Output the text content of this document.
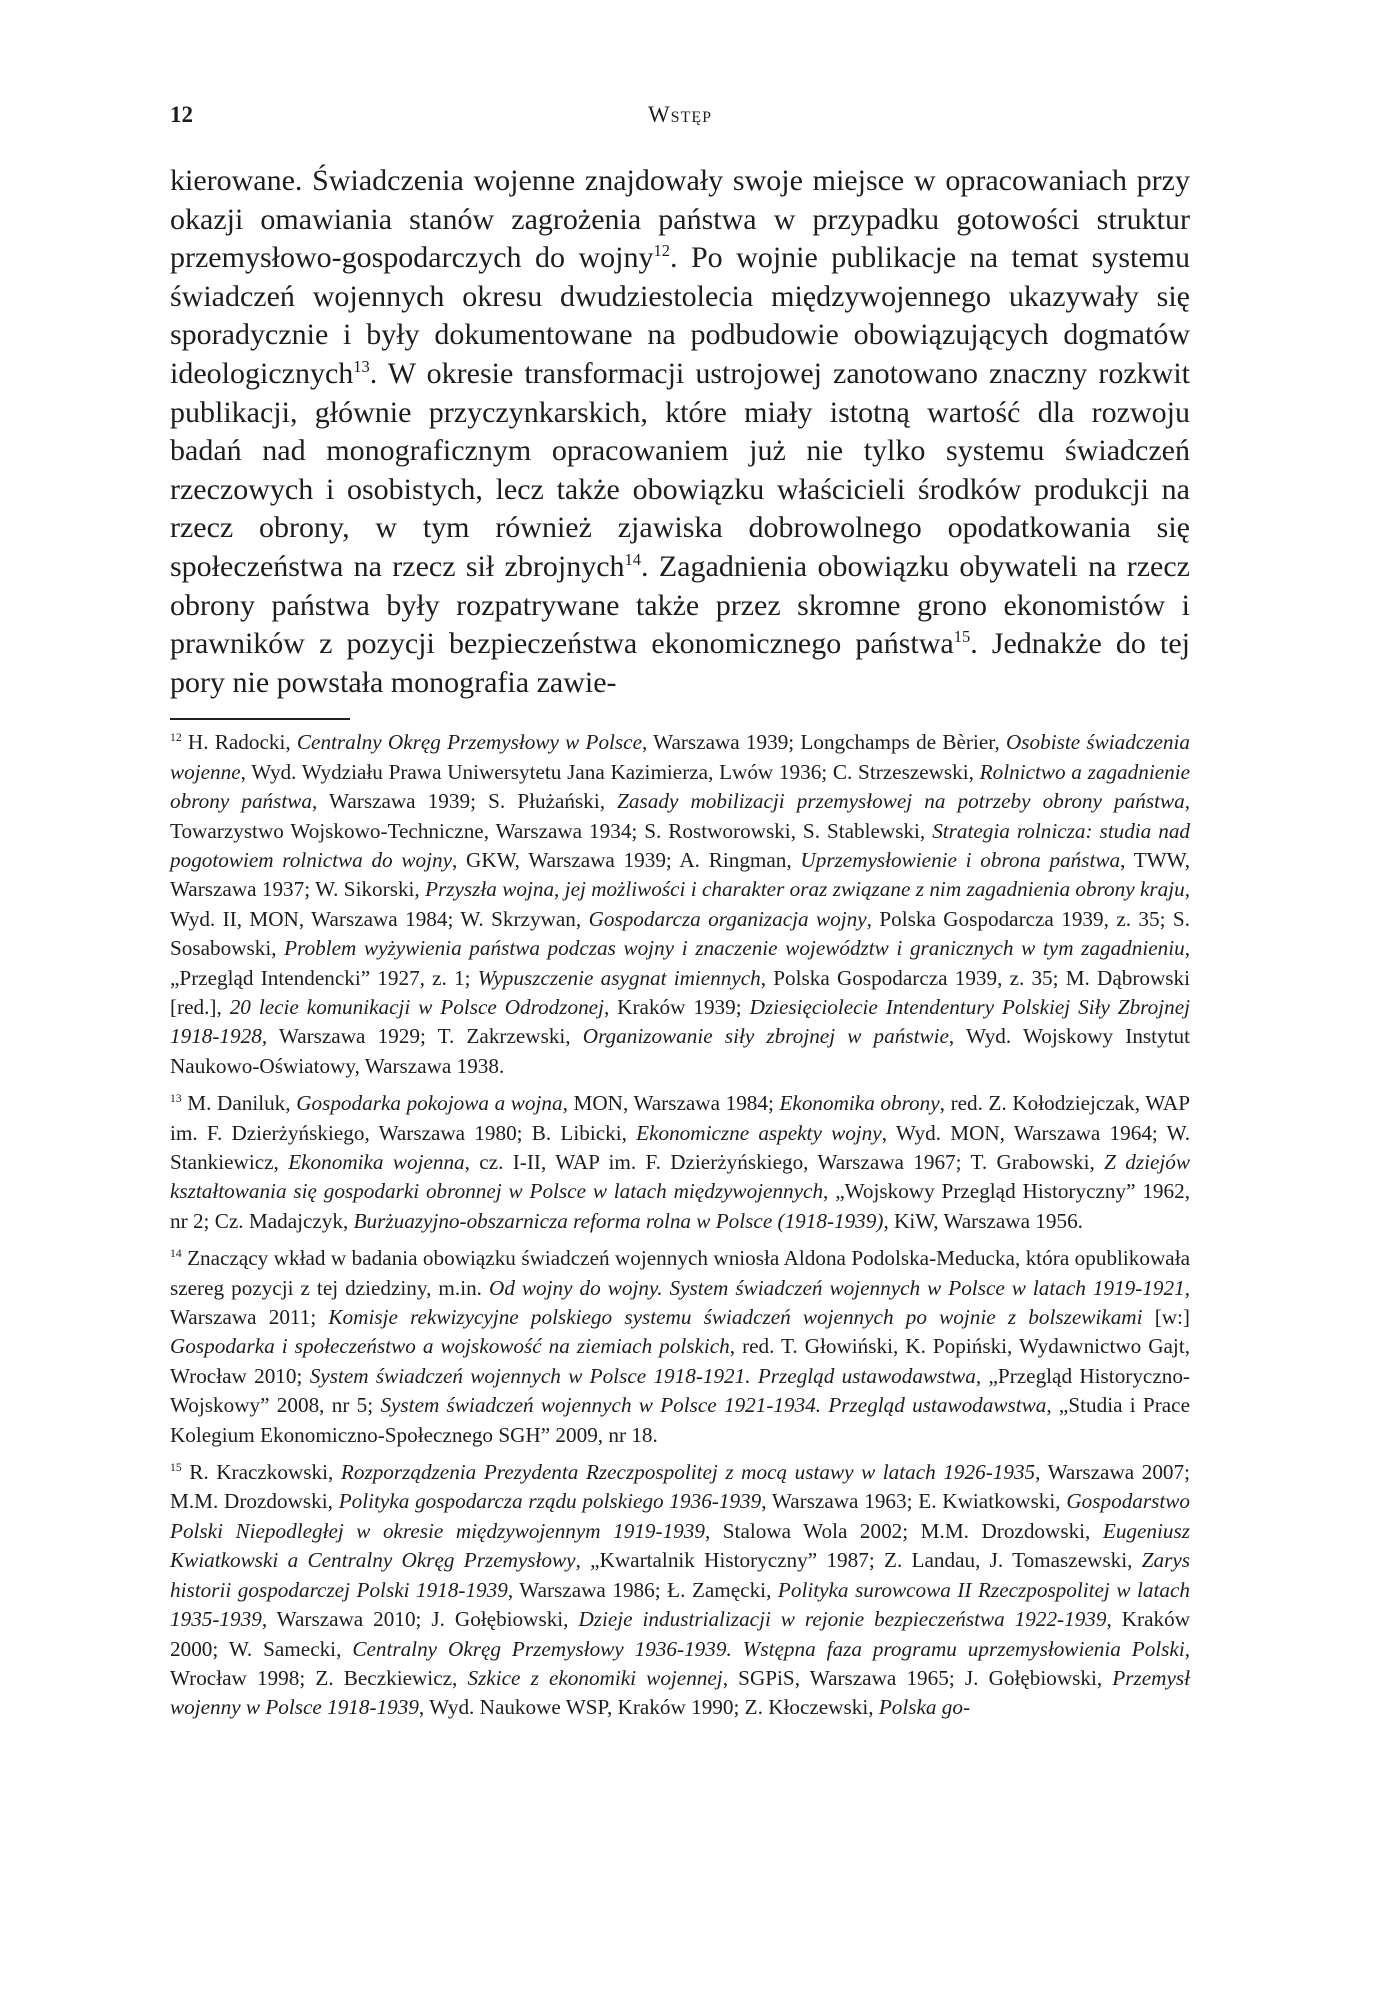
12	Wstęp
kierowane. Świadczenia wojenne znajdowały swoje miejsce w opracowaniach przy okazji omawiania stanów zagrożenia państwa w przypadku gotowości struktur przemysłowo-gospodarczych do wojny$^{12}$. Po wojnie publikacje na temat systemu świadczeń wojennych okresu dwudziestolecia międzywojennego ukazywały się sporadycznie i były dokumentowane na podbudowie obowiązujących dogmatów ideologicznych$^{13}$. W okresie transformacji ustrojowej zanotowano znaczny rozkwit publikacji, głównie przyczynkarskich, które miały istotną wartość dla rozwoju badań nad monograficznym opracowaniem już nie tylko systemu świadczeń rzeczowych i osobistych, lecz także obowiązku właścicieli środków produkcji na rzecz obrony, w tym również zjawiska dobrowolnego opodatkowania się społeczeństwa na rzecz sił zbrojnych$^{14}$. Zagadnienia obowiązku obywateli na rzecz obrony państwa były rozpatrywane także przez skromne grono ekonomistów i prawników z pozycji bezpieczeństwa ekonomicznego państwa$^{15}$. Jednakże do tej pory nie powstała monografia zawie-

$^{12}$ H. Radocki, Centralny Okręg Przemysłowy w Polsce, Warszawa 1939; Longchamps de Bèrier, Osobiste świadczenia wojenne, Wyd. Wydziału Prawa Uniwersytetu Jana Kazimierza, Lwów 1936; C. Strzeszewski, Rolnictwo a zagadnienie obrony państwa, Warszawa 1939; S. Płużański, Zasady mobilizacji przemysłowej na potrzeby obrony państwa, Towarzystwo Wojskowo-Techniczne, Warszawa 1934; S. Rostworowski, S. Stablewski, Strategia rolnicza: studia nad pogotowiem rolnictwa do wojny, GKW, Warszawa 1939; A. Ringman, Uprzemysłowienie i obrona państwa, TWW, Warszawa 1937; W. Sikorski, Przyszła wojna, jej możliwości i charakter oraz związane z nim zagadnienia obrony kraju, Wyd. II, MON, Warszawa 1984; W. Skrzywan, Gospodarcza organizacja wojny, Polska Gospodarcza 1939, z. 35; S. Sosabowski, Problem wyżywienia państwa podczas wojny i znaczenie województw i granicznych w tym zagadnieniu, „Przegląd Intendencki” 1927, z. 1; Wypuszczenie asygnat imiennych, Polska Gospodarcza 1939, z. 35; M. Dąbrowski [red.], 20 lecie komunikacji w Polsce Odrodzonej, Kraków 1939; Dziesięciolecie Intendentury Polskiej Siły Zbrojnej 1918-1928, Warszawa 1929; T. Zakrzewski, Organizowanie siły zbrojnej w państwie, Wyd. Wojskowy Instytut Naukowo-Oświatowy, Warszawa 1938.

$^{13}$ M. Daniluk, Gospodarka pokojowa a wojna, MON, Warszawa 1984; Ekonomika obrony, red. Z. Kołodziejczak, WAP im. F. Dzierżyńskiego, Warszawa 1980; B. Libicki, Ekonomiczne aspekty wojny, Wyd. MON, Warszawa 1964; W. Stankiewicz, Ekonomika wojenna, cz. I-II, WAP im. F. Dzierżyńskiego, Warszawa 1967; T. Grabowski, Z dziejów kształtowania się gospodarki obronnej w Polsce w latach międzywojennych, „Wojskowy Przegląd Historyczny” 1962, nr 2; Cz. Madajczyk, Burżuazyjno-obszarnicza reforma rolna w Polsce (1918-1939), KiW, Warszawa 1956.

$^{14}$ Znaczący wkład w badania obowiązku świadczeń wojennych wniosła Aldona Podolska-Meducka, która opublikowała szereg pozycji z tej dziedziny, m.in. Od wojny do wojny. System świadczeń wojennych w Polsce w latach 1919-1921, Warszawa 2011; Komisje rekwizycyjne polskiego systemu świadczeń wojennych po wojnie z bolszewikami [w:] Gospodarka i społeczeństwo a wojskowość na ziemiach polskich, red. T. Głowiński, K. Popiński, Wydawnictwo Gajt, Wrocław 2010; System świadczeń wojennych w Polsce 1918-1921. Przegląd ustawodawstwa, „Przegląd Historyczno-Wojskowy” 2008, nr 5; System świadczeń wojennych w Polsce 1921-1934. Przegląd ustawodawstwa, „Studia i Prace Kolegium Ekonomiczno-Społecznego SGH” 2009, nr 18.

$^{15}$ R. Kraczkowski, Rozporządzenia Prezydenta Rzeczpospolitej z mocą ustawy w latach 1926-1935, Warszawa 2007; M.M. Drozdowski, Polityka gospodarcza rządu polskiego 1936-1939, Warszawa 1963; E. Kwiatkowski, Gospodarstwo Polski Niepodległej w okresie międzywojennym 1919-1939, Stalowa Wola 2002; M.M. Drozdowski, Eugeniusz Kwiatkowski a Centralny Okręg Przemysłowy, „Kwartalnik Historyczny” 1987; Z. Landau, J. Tomaszewski, Zarys historii gospodarczej Polski 1918-1939, Warszawa 1986; Ł. Zamęcki, Polityka surowcowa II Rzeczpospolitej w latach 1935-1939, Warszawa 2010; J. Gołębiowski, Dzieje industrializacji w rejonie bezpieczeństwa 1922-1939, Kraków 2000; W. Samecki, Centralny Okręg Przemysłowy 1936-1939. Wstępna faza programu uprzemysłowienia Polski, Wrocław 1998; Z. Beczkiewicz, Szkice z ekonomiki wojennej, SGPiS, Warszawa 1965; J. Gołębiowski, Przemysł wojenny w Polsce 1918-1939, Wyd. Naukowe WSP, Kraków 1990; Z. Kłoczewski, Polska go-
